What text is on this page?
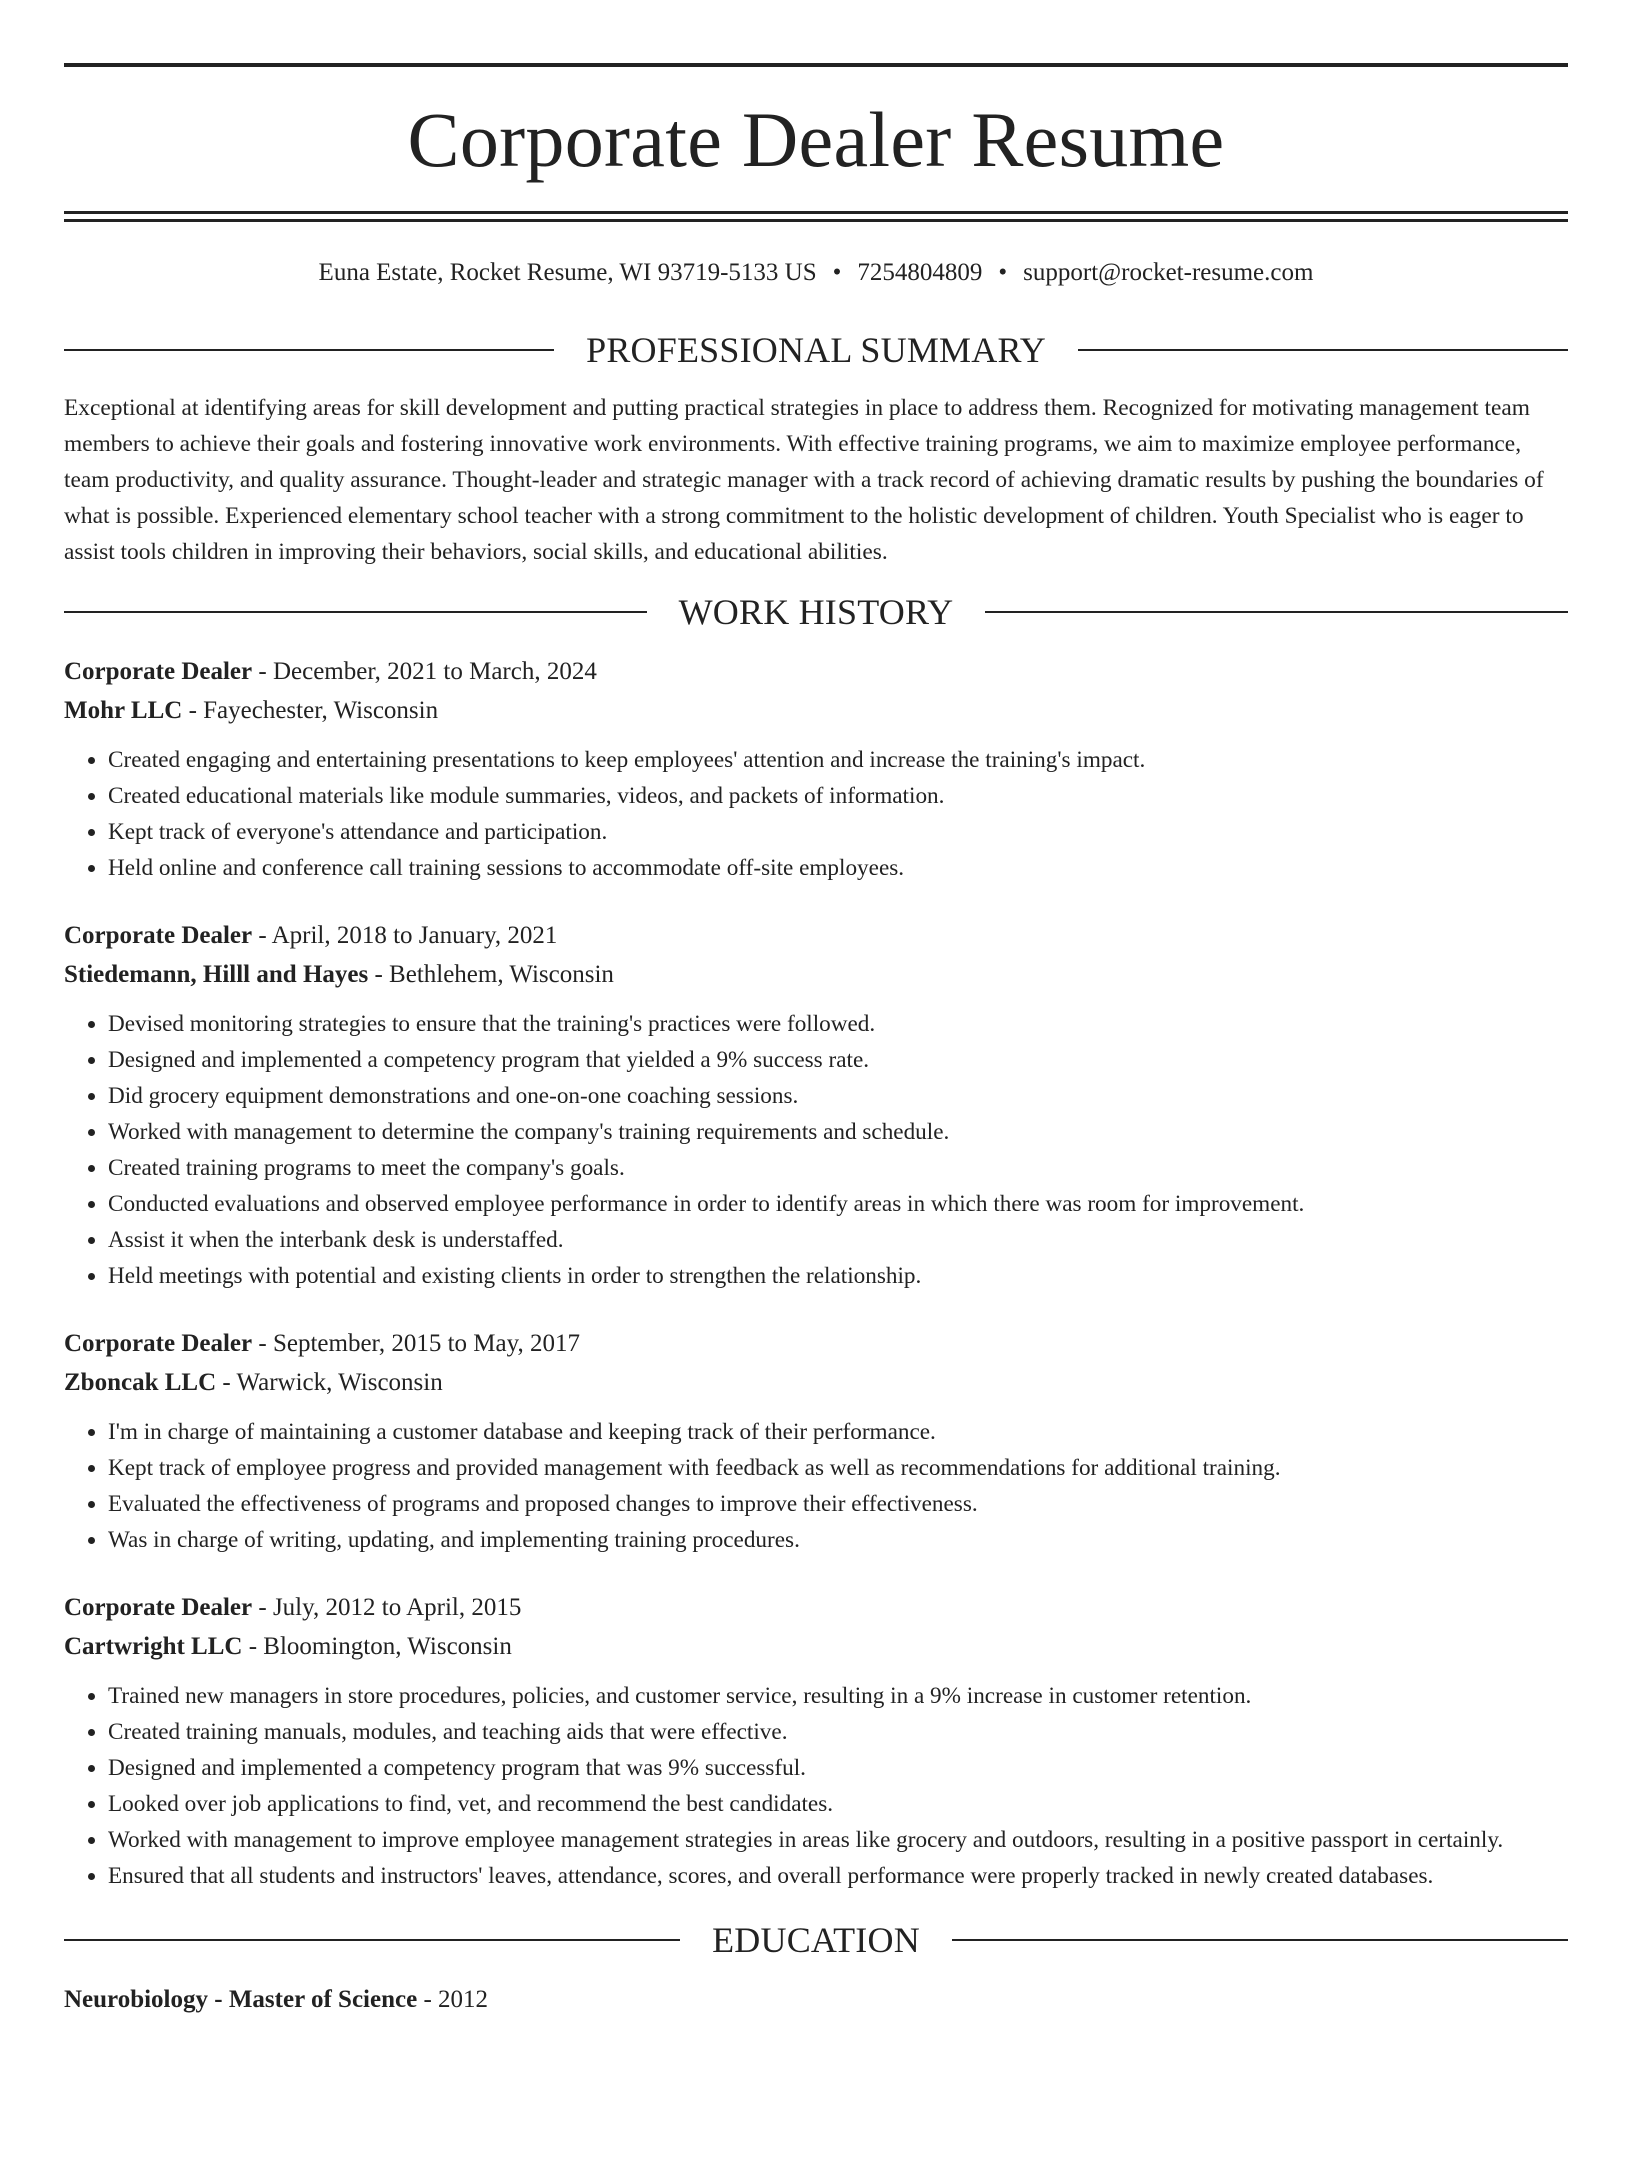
Corporate Dealer Resume
Euna Estate, Rocket Resume, WI 93719-5133 US • 7254804809 • support@rocket-resume.com
PROFESSIONAL SUMMARY

Exceptional at identifying areas for skill development and putting practical strategies in place to address them. Recognized for motivating management team members to achieve their goals and fostering innovative work environments. With effective training programs, we aim to maximize employee performance, team productivity, and quality assurance. Thought-leader and strategic manager with a track record of achieving dramatic results by pushing the boundaries of what is possible. Experienced elementary school teacher with a strong commitment to the holistic development of children. Youth Specialist who is eager to assist tools children in improving their behaviors, social skills, and educational abilities.

WORK HISTORY
Corporate Dealer - December, 2021 to March, 2024
Mohr LLC - Fayechester, Wisconsin
• Created engaging and entertaining presentations to keep employees' attention and increase the training's impact.
• Created educational materials like module summaries, videos, and packets of information.
• Kept track of everyone's attendance and participation.
• Held online and conference call training sessions to accommodate off-site employees.
Corporate Dealer - April, 2018 to January, 2021
Stiedemann, Hilll and Hayes - Bethlehem, Wisconsin
• Devised monitoring strategies to ensure that the training's practices were followed.
• Designed and implemented a competency program that yielded a 9% success rate.
• Did grocery equipment demonstrations and one-on-one coaching sessions.
• Worked with management to determine the company's training requirements and schedule.
• Created training programs to meet the company's goals.
• Conducted evaluations and observed employee performance in order to identify areas in which there was room for improvement.
• Assist it when the interbank desk is understaffed.
• Held meetings with potential and existing clients in order to strengthen the relationship.
Corporate Dealer - September, 2015 to May, 2017
Zboncak LLC - Warwick, Wisconsin
• I'm in charge of maintaining a customer database and keeping track of their performance.
• Kept track of employee progress and provided management with feedback as well as recommendations for additional training.
• Evaluated the effectiveness of programs and proposed changes to improve their effectiveness.
• Was in charge of writing, updating, and implementing training procedures.
Corporate Dealer - July, 2012 to April, 2015
Cartwright LLC - Bloomington, Wisconsin
• Trained new managers in store procedures, policies, and customer service, resulting in a 9% increase in customer retention.
• Created training manuals, modules, and teaching aids that were effective.
• Designed and implemented a competency program that was 9% successful.
• Looked over job applications to find, vet, and recommend the best candidates.
• Worked with management to improve employee management strategies in areas like grocery and outdoors, resulting in a positive passport in certainly.
• Ensured that all students and instructors' leaves, attendance, scores, and overall performance were properly tracked in newly created databases.
EDUCATION
Neurobiology - Master of Science - 2012
